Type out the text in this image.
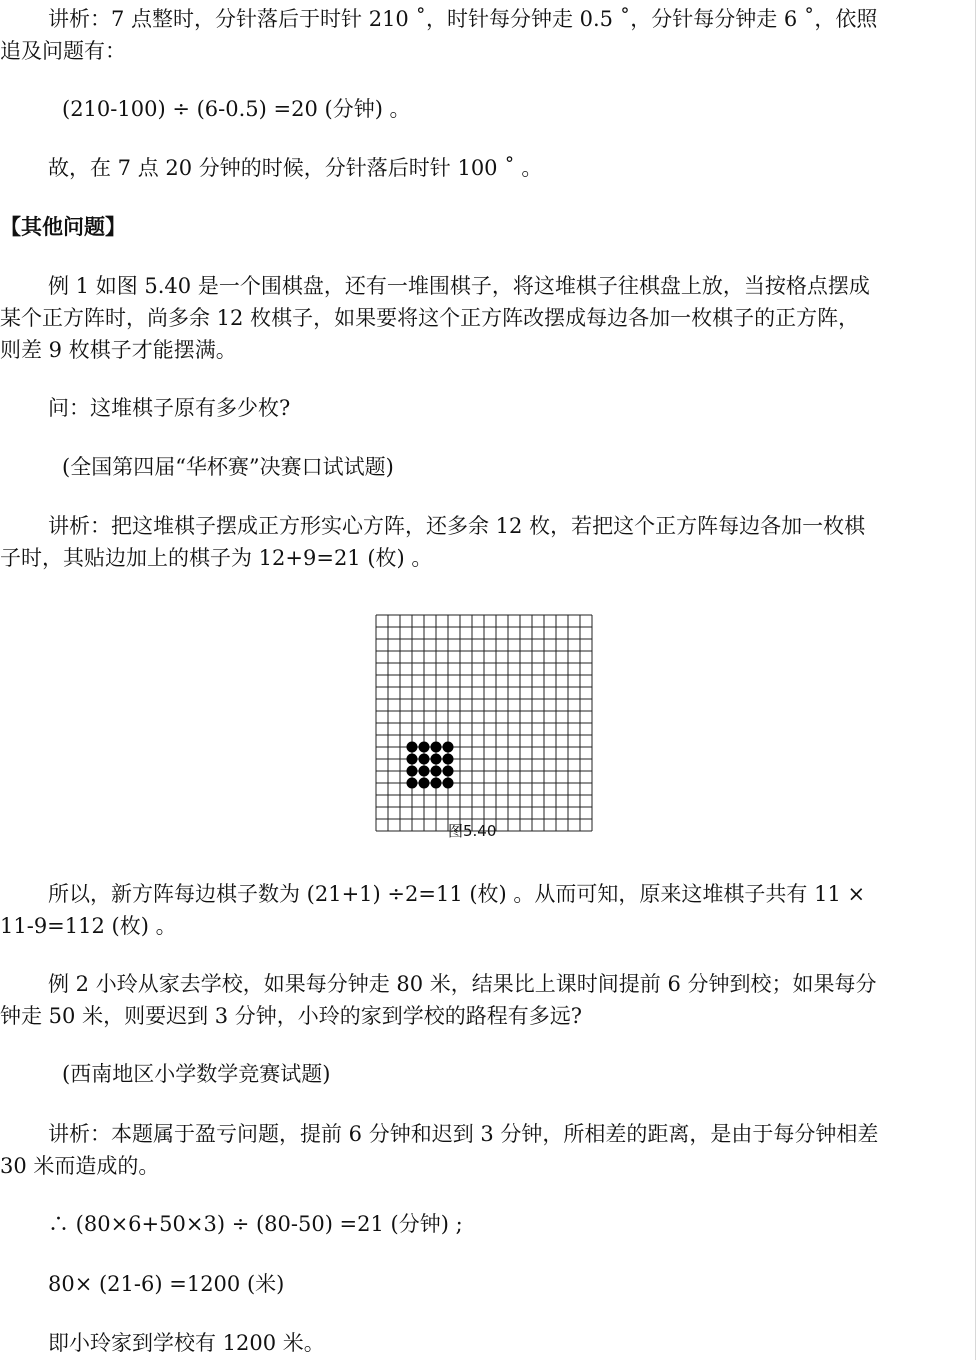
讲析：7 点整时，分针落后于时针 210 ˚，时针每分钟走 0.5 ˚，分针每分钟走 6 ˚，依照
追及问题有：
(210-100) ÷ (6-0.5) =20 (分钟) 。
故，在 7 点 20 分钟的时候，分针落后时针 100 ˚ 。
【其他问题】
例 1 如图 5.40 是一个围棋盘，还有一堆围棋子，将这堆棋子往棋盘上放，当按格点摆成
某个正方阵时，尚多余 12 枚棋子，如果要将这个正方阵改摆成每边各加一枚棋子的正方阵，
则差 9 枚棋子才能摆满。
问：这堆棋子原有多少枚?
(全国第四届“华杯赛”决赛口试试题)
讲析：把这堆棋子摆成正方形实心方阵，还多余 12 枚，若把这个正方阵每边各加一枚棋
子时，其贴边加上的棋子为 12+9=21 (枚) 。
图5.40
所以，新方阵每边棋子数为 (21+1) ÷2=11 (枚) 。从而可知，原来这堆棋子共有 11 ×
11-9=112 (枚) 。
例 2 小玲从家去学校，如果每分钟走 80 米，结果比上课时间提前 6 分钟到校；如果每分
钟走 50 米，则要迟到 3 分钟，小玲的家到学校的路程有多远?
(西南地区小学数学竞赛试题)
讲析：本题属于盈亏问题，提前 6 分钟和迟到 3 分钟，所相差的距离，是由于每分钟相差
30 米而造成的。
∴ (80×6+50×3) ÷ (80-50) =21 (分钟) ;
80× (21-6) =1200 (米)
即小玲家到学校有 1200 米。
